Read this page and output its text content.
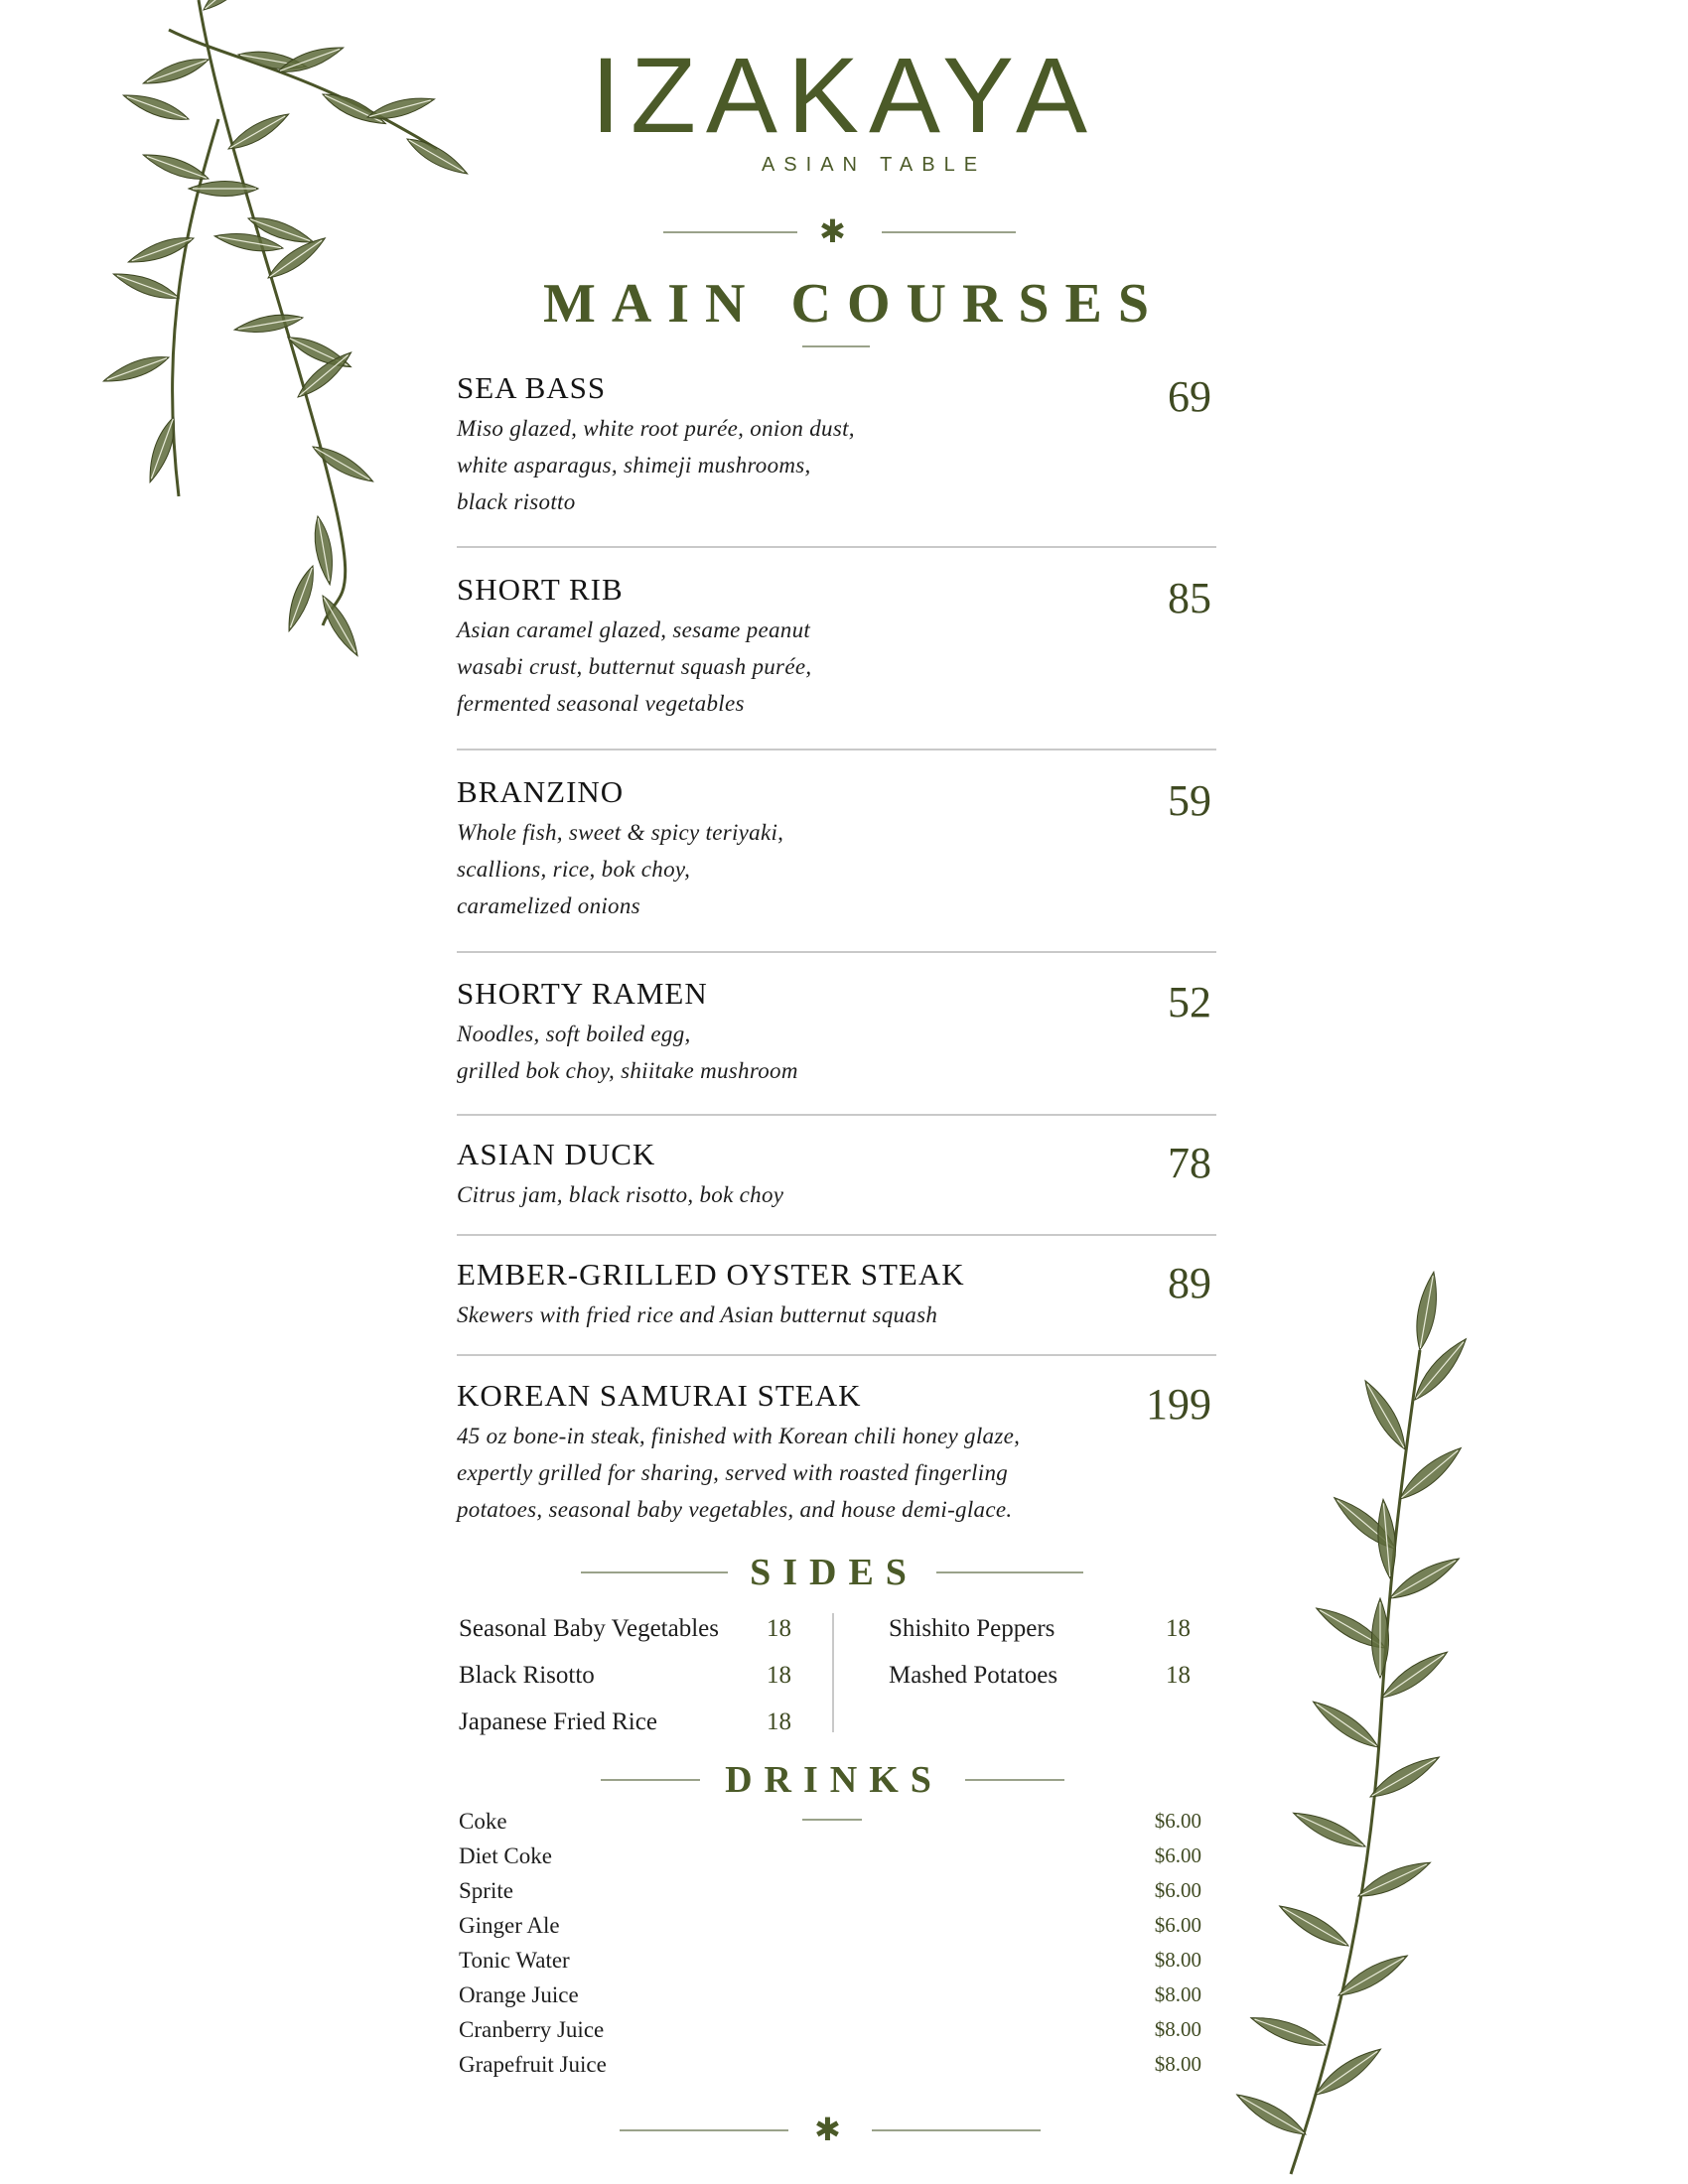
IZAKAYA
ASIAN TABLE
✱
MAIN COURSES
SEA BASS	69
Miso glazed, white root purée, onion dust,
white asparagus, shimeji mushrooms,
black risotto
SHORT RIB	85
Asian caramel glazed, sesame peanut
wasabi crust, butternut squash purée,
fermented seasonal vegetables
BRANZINO	59
Whole fish, sweet & spicy teriyaki,
scallions, rice, bok choy,
caramelized onions
SHORTY RAMEN	52
Noodles, soft boiled egg,
grilled bok choy, shiitake mushroom
ASIAN DUCK	78
Citrus jam, black risotto, bok choy
EMBER-GRILLED OYSTER STEAK	89
Skewers with fried rice and Asian butternut squash
KOREAN SAMURAI STEAK	199
45 oz bone-in steak, finished with Korean chili honey glaze,
expertly grilled for sharing, served with roasted fingerling
potatoes, seasonal baby vegetables, and house demi-glace.
SIDES
Seasonal Baby Vegetables 18
Black Risotto	18
Japanese Fried Rice	18
Shishito Peppers	18
Mashed Potatoes	18
DRINKS
Coke	$6.00
Diet Coke	$6.00
Sprite	$6.00
Ginger Ale	$6.00
Tonic Water	$8.00
Orange Juice	$8.00
Cranberry Juice	$8.00
Grapefruit Juice	$8.00
✱
